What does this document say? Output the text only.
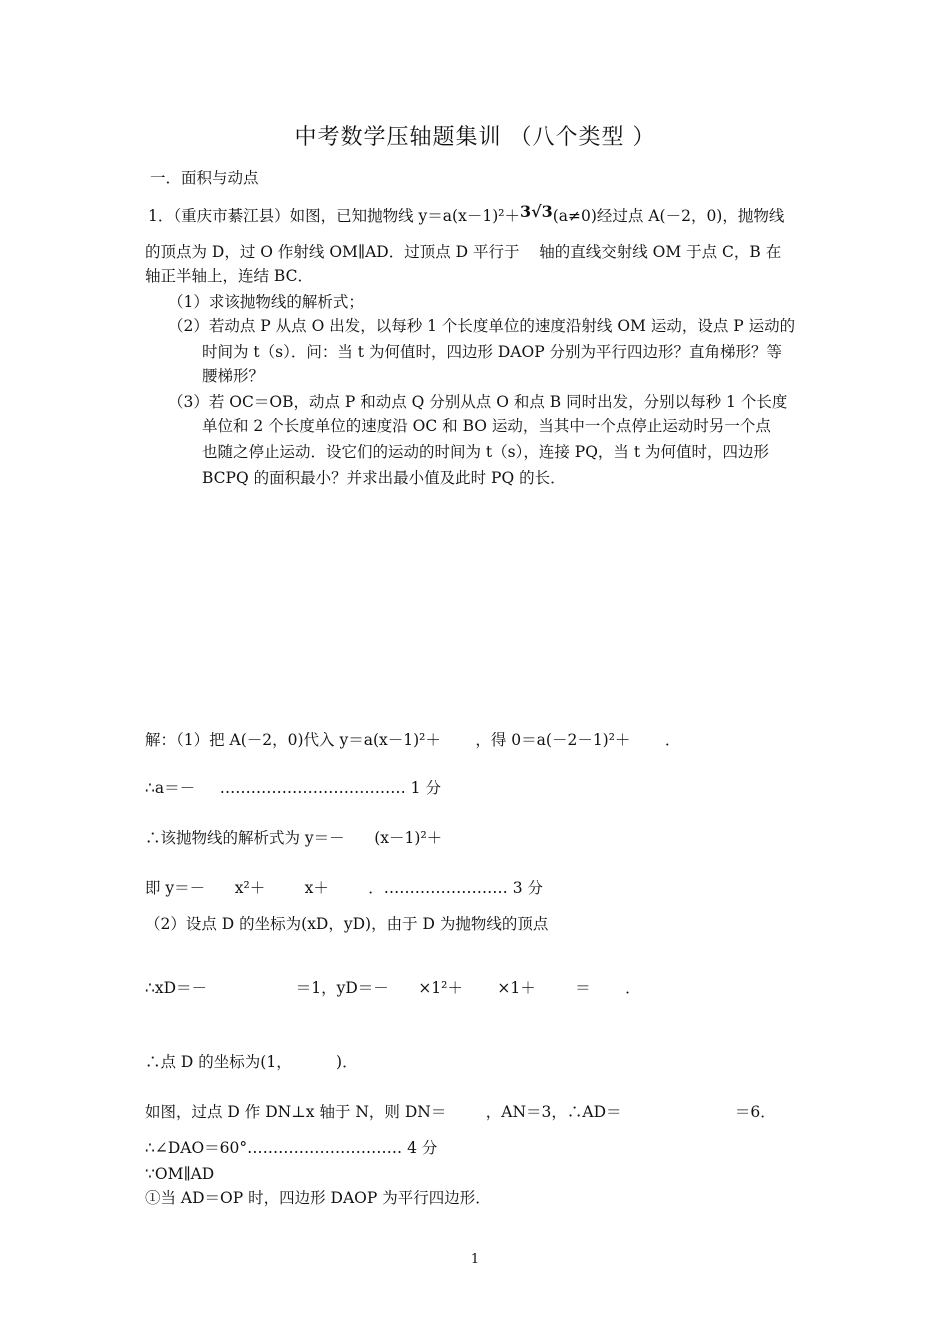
中考数学压轴题集训 （八个类型 ）
一．面积与动点
1．（重庆市綦江县）如图，已知抛物线 y＝a(x－1)²＋3√3(a≠0)经过点 A(－2，0)，抛物线
的顶点为 D，过 O 作射线 OM∥AD．过顶点 D 平行于    轴的直线交射线 OM 于点 C，B 在
轴正半轴上，连结 BC．
（1）求该抛物线的解析式；
（2）若动点 P 从点 O 出发，以每秒 1 个长度单位的速度沿射线 OM 运动，设点 P 运动的
时间为 t（s）．问：当 t 为何值时，四边形 DAOP 分别为平行四边形？直角梯形？等
腰梯形？
（3）若 OC＝OB，动点 P 和动点 Q 分别从点 O 和点 B 同时出发，分别以每秒 1 个长度
单位和 2 个长度单位的速度沿 OC 和 BO 运动，当其中一个点停止运动时另一个点
也随之停止运动．设它们的运动的时间为 t（s），连接 PQ，当 t 为何值时，四边形
BCPQ 的面积最小？并求出最小值及此时 PQ 的长．
解：（1）把 A(－2，0)代入 y＝a(x－1)²＋       ，得 0＝a(－2－1)²＋       ．
∴a＝－     ……………………………… 1 分
∴该抛物线的解析式为 y＝－      (x－1)²＋
即 y＝－      x²＋        x＋        ．…………………… 3 分
（2）设点 D 的坐标为(xD，yD)，由于 D 为抛物线的顶点
∴xD＝－                  ＝1，yD＝－      ×1²＋       ×1＋        ＝       ．
∴点 D 的坐标为(1，         )．
如图，过点 D 作 DN⊥x 轴于 N，则 DN＝        ，AN＝3，∴AD＝                       ＝6．
∴∠DAO＝60°………………………… 4 分
∵OM∥AD
①当 AD＝OP 时，四边形 DAOP 为平行四边形．
1
